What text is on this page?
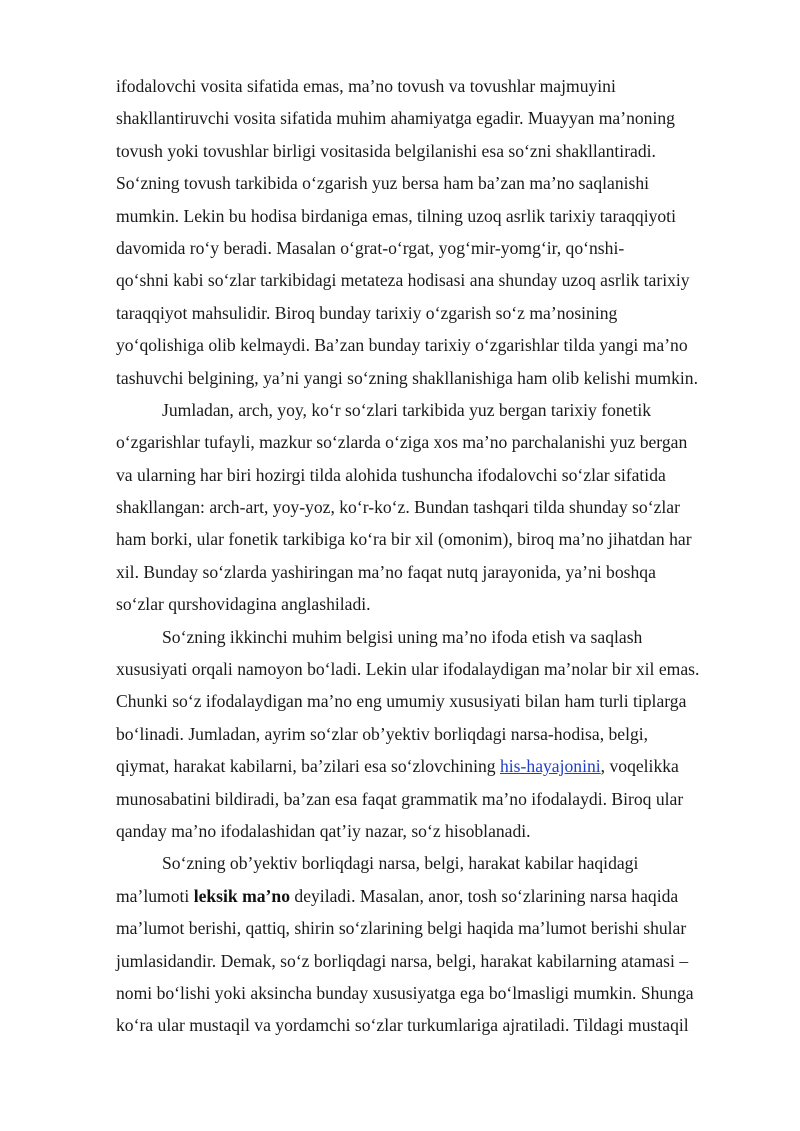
ifodalovchi vosita sifatida emas, ma’no tovush va tovushlar majmuyini
shakllantiruvchi vosita sifatida muhim ahamiyatga egadir. Muayyan ma’noning
tovush yoki tovushlar birligi vositasida belgilanishi esa so‘zni shakllantiradi.
So‘zning tovush tarkibida o‘zgarish yuz bersa ham ba’zan ma’no saqlanishi
mumkin. Lekin bu hodisa birdaniga emas, tilning uzoq asrlik tarixiy taraqqiyoti
davomida ro‘y beradi. Masalan o‘grat-o‘rgat, yog‘mir-yomg‘ir, qo‘nshi-
qo‘shni kabi so‘zlar tarkibidagi metateza hodisasi ana shunday uzoq asrlik tarixiy
taraqqiyot mahsulidir. Biroq bunday tarixiy o‘zgarish so‘z ma’nosining
yo‘qolishiga olib kelmaydi. Ba’zan bunday tarixiy o‘zgarishlar tilda yangi ma’no
tashuvchi belgining, ya’ni yangi so‘zning shakllanishiga ham olib kelishi mumkin.
Jumladan, arch, yoy, ko‘r so‘zlari tarkibida yuz bergan tarixiy fonetik
o‘zgarishlar tufayli, mazkur so‘zlarda o‘ziga xos ma’no parchalanishi yuz bergan
va ularning har biri hozirgi tilda alohida tushuncha ifodalovchi so‘zlar sifatida
shakllangan: arch-art, yoy-yoz, ko‘r-ko‘z. Bundan tashqari tilda shunday so‘zlar
ham borki, ular fonetik tarkibiga ko‘ra bir xil (omonim), biroq ma’no jihatdan har
xil. Bunday so‘zlarda yashiringan ma’no faqat nutq jarayonida, ya’ni boshqa
so‘zlar qurshovidagina anglashiladi.
So‘zning ikkinchi muhim belgisi uning ma’no ifoda etish va saqlash
xususiyati orqali namoyon bo‘ladi. Lekin ular ifodalaydigan ma’nolar bir xil emas.
Chunki so‘z ifodalaydigan ma’no eng umumiy xususiyati bilan ham turli tiplarga
bo‘linadi. Jumladan, ayrim so‘zlar ob’yektiv borliqdagi narsa-hodisa, belgi,
qiymat, harakat kabilarni, ba’zilari esa so‘zlovchining his-hayajonini, voqelikka
munosabatini bildiradi, ba’zan esa faqat grammatik ma’no ifodalaydi. Biroq ular
qanday ma’no ifodalashidan qat’iy nazar, so‘z hisoblanadi.
So‘zning ob’yektiv borliqdagi narsa, belgi, harakat kabilar haqidagi
ma’lumoti leksik ma’no deyiladi. Masalan, anor, tosh so‘zlarining narsa haqida
ma’lumot berishi, qattiq, shirin so‘zlarining belgi haqida ma’lumot berishi shular
jumlasidandir. Demak, so‘z borliqdagi narsa, belgi, harakat kabilarning atamasi –
nomi bo‘lishi yoki aksincha bunday xususiyatga ega bo‘lmasligi mumkin. Shunga
ko‘ra ular mustaqil va yordamchi so‘zlar turkumlariga ajratiladi. Tildagi mustaqil
